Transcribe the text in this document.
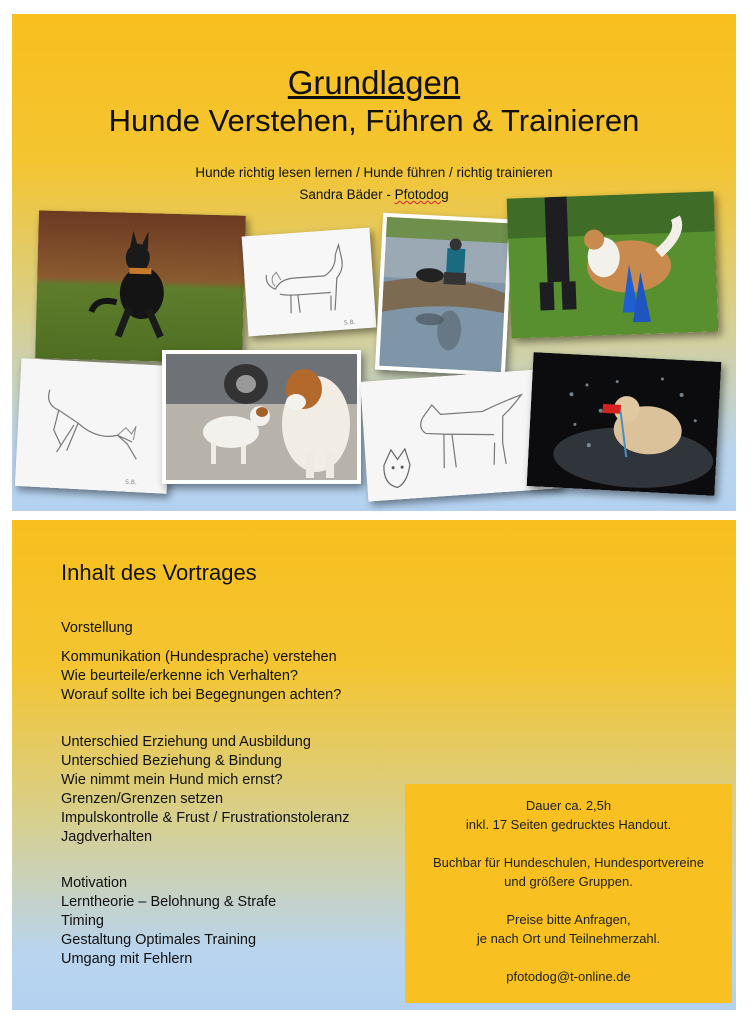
Grundlagen
Hunde Verstehen, Führen & Trainieren
Hunde richtig lesen lernen / Hunde führen / richtig trainieren
Sandra Bäder - Pfotodog
S.B.
S.B.
Inhalt des Vortrages
Vorstellung
Kommunikation (Hundesprache) verstehen
Wie beurteile/erkenne ich Verhalten?
Worauf sollte ich bei Begegnungen achten?
Unterschied Erziehung und Ausbildung
Unterschied Beziehung & Bindung
Wie nimmt mein Hund mich ernst?
Grenzen/Grenzen setzen
Impulskontrolle & Frust / Frustrationstoleranz
Jagdverhalten
Motivation
Lerntheorie – Belohnung & Strafe
Timing
Gestaltung Optimales Training
Umgang mit Fehlern
Dauer ca. 2,5h
inkl. 17 Seiten gedrucktes Handout.
Buchbar für Hundeschulen, Hundesportvereine
und größere Gruppen.
Preise bitte Anfragen,
je nach Ort und Teilnehmerzahl.
pfotodog@t-online.de
